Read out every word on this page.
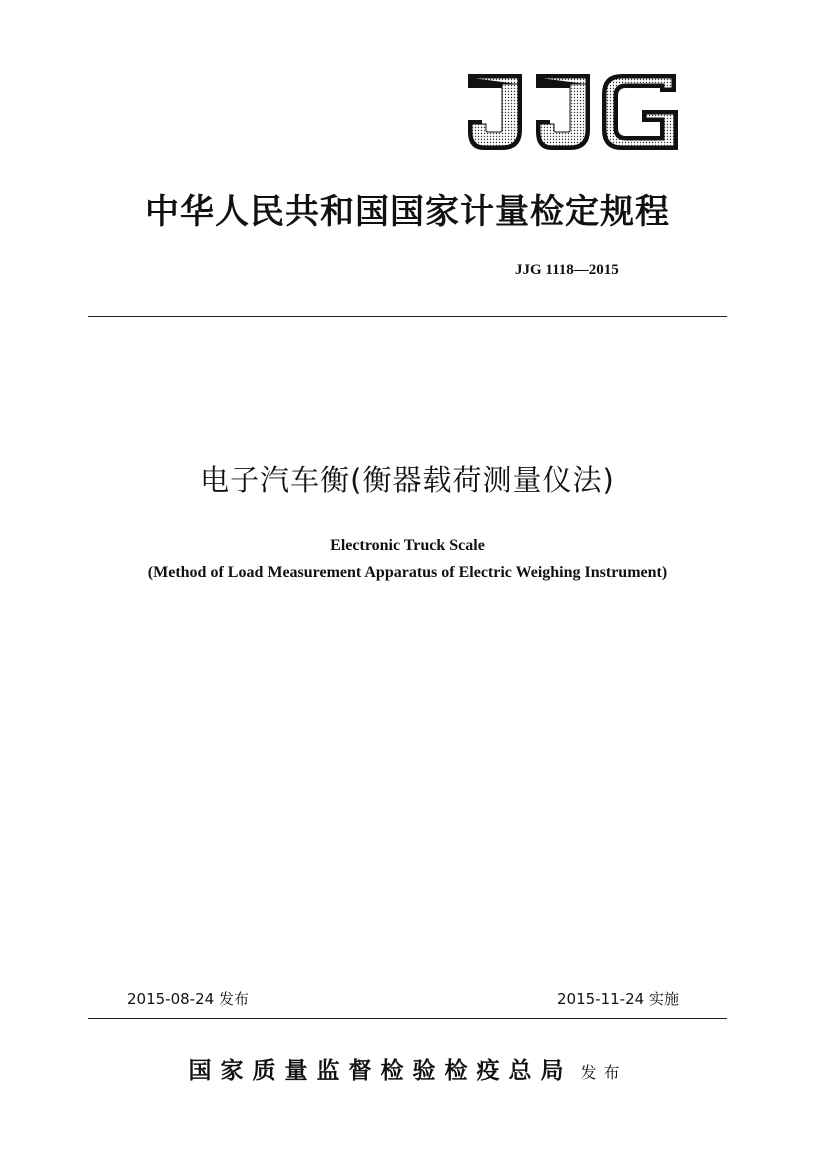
中华人民共和国国家计量检定规程
JJG 1118—2015
电子汽车衡(衡器载荷测量仪法)
Electronic Truck Scale
(Method of Load Measurement Apparatus of Electric Weighing Instrument)
2015-08-24 发布	2015-11-24 实施
国家质量监督检验检疫总局 发布
